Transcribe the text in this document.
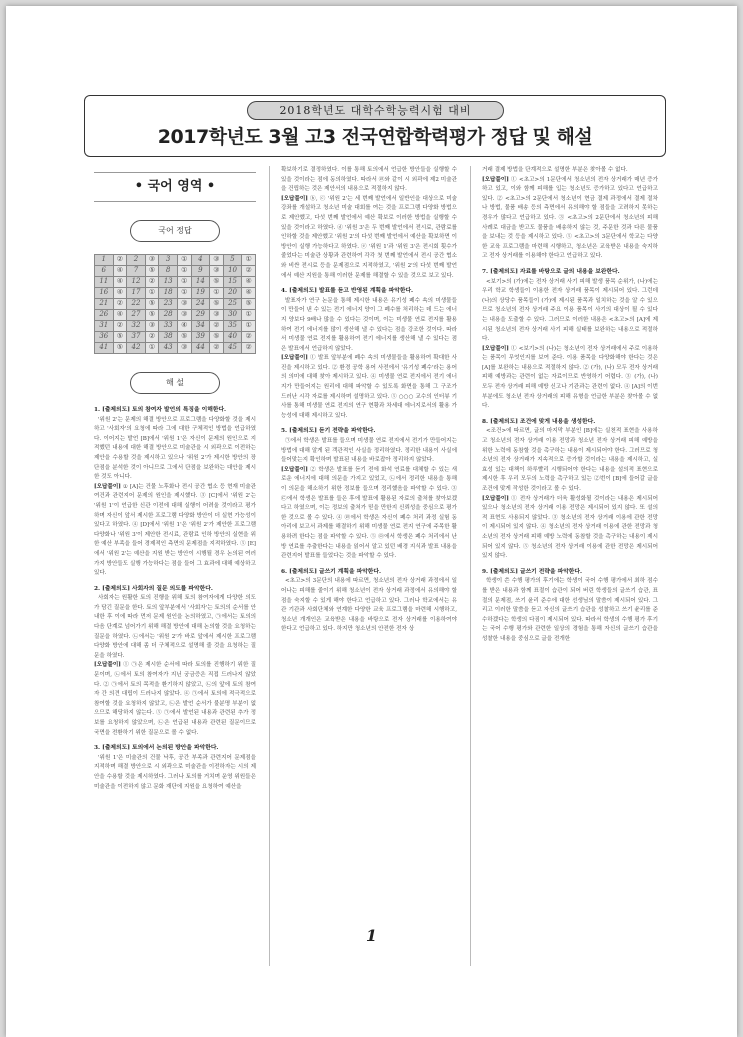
2018학년도 대학수학능력시험 대비
2017학년도 3월 고3 전국연합학력평가 정답 및 해설
• 국어 영역 •
국어 정답
1	②	2	③	3	①	4	③	5	①
6	④	7	⑤	8	①	9	③	10	②
11	④	12	②	13	①	14	⑤	15	④
16	④	17	①	18	①	19	①	20	④
21	②	22	⑤	23	③	24	⑤	25	⑤
26	④	27	⑤	28	③	29	③	30	①
31	②	32	③	33	④	34	②	35	①
36	⑤	37	②	38	⑤	39	⑤	40	②
41	⑤	42	①	43	③	44	②	45	②
해 설
1. [출제의도] 토의 참여자 발언의 특징을 이해한다.
'위원 2'는 문제의 해결 방안으로 프로그램을 다양화할 것을 제시하고 '사회자'의 요청에 따라 그에 대한 구체적인 방법을 언급하였다. 이어지는 발언 [B]에서 '위원 1'은 자신이 문제의 원인으로 지적했던 내용에 대한 해결 방안으로 미술관을 시 외곽으로 이전하는 제안을 수용할 것을 제시하고 있으나 '위원 2'가 제시한 방안의 장단점을 분석한 것이 아니므로 그에서 단점을 보완하는 대안을 제시한 것도 아니다.
[오답풀이] ① [A]는 건물 노후화나 전시 공간 협소 등 현재 미술관 여건과 관련지어 문제의 원인을 제시했다. ③ [C]에서 '위원 2'는 '위원 1'이 언급한 신관 이전에 대해 실행이 어려울 것이라고 평가하며 자신이 앞서 제시한 프로그램 다양화 방안이 더 실현 가능성이 있다고 하였다. ④ [D]에서 '위원 1'은 '위원 2'가 제안한 프로그램 다양화나 '위원 3'이 제안한 전시료, 관람료 인하 방안의 실현을 위한 예산 부족을 들어 경제적인 측면의 문제점을 지적하였다. ⑤ [E]에서 '위원 2'는 예산을 지원 받는 방안이 시행될 경우 논의된 여러 가지 방안들도 실행 가능하다는 점을 들어 그 효과에 대해 예상하고 있다.
2. [출제의도] 사회자의 질문 의도를 파악한다.
사회자는 원활한 토의 진행을 위해 토의 참여자에게 다양한 의도가 담긴 질문을 한다. 토의 앞부분에서 '사회자'는 토의의 순서를 안내한 후 이에 따라 먼저 문제 원인을 논의하였고, ㉠에서는 토의의 다음 단계로 넘어가기 위해 해결 방안에 대해 논의할 것을 요청하는 질문을 하였다. ㉡에서는 '위원 2'가 바로 앞에서 제시한 프로그램 다양화 방안에 대해 좀 더 구체적으로 설명해 줄 것을 요청하는 질문을 하였다.
[오답풀이] ① ㉠은 제시한 순서에 따라 토의를 진행하기 위한 질문이며, ㉡에서 토의 참여자가 지닌 궁금증은 직접 드러나지 않았다. ② ㉠에서 토의 목적을 환기하지 않았고, ㉡의 앞에 토의 참여자 간 의견 대립이 드러나지 않았다. ④ ㉠에서 토의에 적극적으로 참여할 것을 요청하지 않았고, ㉡은 발언 순서가 불분명 부분이 없으므로 해당하지 않는다. ⑤ ㉠에서 발언된 내용과 관련된 추가 정보를 요청하지 않았으며, ㉡은 언급된 내용과 관련된 질문이므로 국면을 전환하기 위한 질문으로 볼 수 없다.
3. [출제의도] 토의에서 논의된 방안을 파악한다.
'위원 1'은 미술관의 건물 낙후, 공간 부족과 관련지어 문제점을 지적하며 해결 방안으로 시 외곽으로 미술관을 이전하자는 시의 제안을 수용할 것을 제시하였다. 그러나 토의를 거치며 운영 위원들은 미술관을 이전하지 않고 문화 재단에 지원을 요청하여 예산을
확보하기로 결정하였다. 이를 통해 토의에서 언급한 방안들을 실행할 수 있을 것이라는 점에 동의하였다. 따라서 ㉣와 같이 시 외곽에 제2 미술관을 건립하는 것은 제안서의 내용으로 적절하지 않다.
[오답풀이] ⓑ, ⓒ '위원 2'는 세 번째 발언에서 일반인을 대상으로 미술 강좌를 개설하고 청소년 미술 대회를 여는 것을 프로그램 다양화 방법으로 제안했고, 다섯 번째 발언에서 예산 확보로 이러한 방법을 실행할 수 있을 것이라고 하였다. ⓓ '위원 3'은 두 번째 발언에서 전시료, 관람료를 인하할 것을 제안했고 '위원 2'의 다섯 번째 발언에서 예산을 확보하면 이 방안이 실행 가능하다고 하였다. ⓔ '위원 1'과 '위원 3'은 전시회 횟수가 줄었다는 미술관 상황과 관련하여 각각 첫 번째 발언에서 전시 공간 협소와 비싼 전시료 등을 문제점으로 지적하였고, '위원 2'의 다섯 번째 발언에서 예산 지원을 통해 이러한 문제를 해결할 수 있을 것으로 보고 있다.
4. [출제의도] 발표를 듣고 반영된 계획을 파악한다.
발표자가 연구 논문을 통해 제시한 내용은 유기성 폐수 속의 미생물들이 만들어 낸 수 있는 전기 에너지 양이 그 폐수를 처리하는 데 드는 에너지 양보다 9배나 많을 수 있다는 것이며, 이는 미생물 연료 전지를 활용하여 전기 에너지를 많이 생산해 낼 수 있다는 점을 강조한 것이다. 따라서 미생물 연료 전지를 활용하여 전기 에너지를 생산해 낼 수 있다는 점은 발표에서 언급하지 않았다.
[오답풀이] ① 발표 앞부분에 폐수 속의 미생물들을 활용하여 확대한 사진을 제시하고 있다. ② 환경 공학 용어 사전에서 '유기성 폐수'라는 용어의 의미에 대해 찾아 제시하고 있다. ④ 미생물 연료 전지에서 전기 에너지가 만들어지는 원리에 대해 파악할 수 있도록 화면을 통해 그 구조가 드러난 시각 자료를 제시하며 설명하고 있다. ⑤ ○○○ 교수의 인터뷰 기사를 통해 미생물 연료 전지의 연구 현황과 차세대 에너지로서의 활용 가능성에 대해 제시하고 있다.
5. [출제의도] 듣기 전략을 파악한다.
㉠에서 학생은 발표를 들으며 미생물 연료 전지에서 전기가 만들어지는 방법에 대해 알게 된 객관적인 사실을 정리하였다. 정리한 내용이 사실에 들어맞는지 확인하며 발표된 내용을 바로잡아 정리하지 않았다.
[오답풀이] ② 학생은 발표를 듣기 전에 화석 연료를 대체할 수 있는 새로운 에너지에 대해 의문을 가지고 있었고, ㉡에서 정리한 내용을 통해 이 의문을 해소하기 위한 정보를 들으며 정리했음을 파악할 수 있다. ③ ㉢에서 학생은 발표를 들은 후에 발표에 활용된 자료의 출처를 찾아보겠다고 하였으며, 이는 정보의 출처가 믿을 만한지 신뢰성을 중심으로 평가한 것으로 볼 수 있다. ④ ㉣에서 학생은 자신이 폐수 처리 과정 실험 동아리에 보고서 과제를 해결하기 위해 미생물 연료 전지 연구에 주목한 활용하려 한다는 점을 파악할 수 있다. ⑤ ㉤에서 학생은 폐수 처리에서 난방 연료를 추출한다는 내용을 읽어서 알고 있던 배경 지식과 발표 내용을 관련지어 발표를 들었다는 것을 파악할 수 있다.
6. [출제의도] 글쓰기 계획을 파악한다.
<초고>의 3문단의 내용에 따르면, 청소년의 전자 상거래 과정에서 일어나는 피해를 줄이기 위해 청소년이 전자 상거래 과정에서 유의해야 할 점을 숙지할 수 있게 해야 한다고 언급하고 있다. 그러나 학교에서는 유관 기관과 사회단체와 연계한 다양한 교육 프로그램을 마련해 시행하고, 청소년 개개인은 교육받은 내용을 바탕으로 전자 상거래를 이용하여야 한다고 언급하고 있다. 하지만 청소년의 안전한 전자 상
거래 결제 방법을 단계적으로 설명한 부분은 찾아볼 수 없다.
[오답풀이] ① <초고>의 1문단에서 청소년의 전자 상거래가 매년 증가하고 있고, 이와 함께 피해를 입는 청소년도 증가하고 있다고 언급하고 있다. ② <초고>의 2문단에서 청소년이 현금 결제 과정에서 결제 절차나 방법, 물품 배송 등의 측면에서 유의해야 할 점들을 고려하지 못하는 경우가 많다고 언급하고 있다. ③ <초고>의 2문단에서 청소년의 피해 사례로 대금을 받고도 물품을 배송하지 않는 것, 주문한 것과 다른 물품을 보내는 것 등을 제시하고 있다. ⑤ <초고>의 3문단에서 학교는 다양한 교육 프로그램을 마련해 시행하고, 청소년은 교육받은 내용을 숙지하고 전자 상거래를 이용해야 한다고 언급하고 있다.
7. [출제의도] 자료를 바탕으로 글의 내용을 보완한다.
<보기>의 (가)에는 전자 상거래 사기 피해 발생 품목 순위가, (나)에는 우리 학교 학생들이 이용한 전자 상거래 품목이 제시되어 있다. 그런데 (나)의 상당수 품목들이 (가)에 제시된 품목과 일치하는 것을 알 수 있으므로 청소년의 전자 상거래 주요 이용 품목이 사기의 대상이 될 수 있다는 내용을 도출할 수 있다. 그러므로 이러한 내용은 <초고>의 [A]에 제시된 청소년의 전자 상거래 사기 피해 실태를 보완하는 내용으로 적절하다.
[오답풀이] ① <보기>의 (나)는 청소년이 전자 상거래에서 주로 이용하는 품목이 무엇인지를 보여 준다. 이용 품목을 다양화해야 한다는 것은 [A]를 보완하는 내용으로 적절하지 않다. ② (가), (나) 모두 전자 상거래 피해 예방과는 관련이 없는 자료이므로 반영하기 어렵다. ③ (가), (나) 모두 전자 상거래 피해 예방 신고나 기관과는 관련이 없다. ④ [A]의 이번 부분에도 청소년 전자 상거래의 피해 유형을 언급한 부분은 찾아볼 수 없다.
8. [출제의도] 조건에 맞게 내용을 생성한다.
<조건>에 따르면, 글의 마지막 부분인 [B]에는 실천적 표현을 사용하고 청소년의 전자 상거래 이용 전망과 청소년 전자 상거래 피해 예방을 위한 노력에 동참할 것을 촉구하는 내용이 제시되어야 한다. 그러므로 청소년의 전자 상거래가 지속적으로 증가할 것이라는 내용을 제시하고, 실효성 있는 대책이 하루빨리 시행되어야 한다는 내용을 설의적 표현으로 제시한 후 우리 모두의 노력을 촉구하고 있는 ②번이 [B]에 들어갈 글을 조건에 맞게 작성한 것이라고 볼 수 있다.
[오답풀이] ① 전자 상거래가 더욱 활성화될 것이라는 내용은 제시되어 있으나 청소년의 전자 상거래 이용 전망은 제시되어 있지 않다. 또 설의적 표현도 사용되지 않았다. ③ 청소년의 전자 상거래 이용에 관한 전망이 제시되어 있지 않다. ④ 청소년의 전자 상거래 이용에 관한 전망과 청소년의 전자 상거래 피해 예방 노력에 동참할 것을 촉구하는 내용이 제시되어 있지 않다. ⑤ 청소년의 전자 상거래 이용에 관한 전망은 제시되어 있지 않다.
9. [출제의도] 글쓰기 전략을 파악한다.
학생이 쓴 수행 평가의 후기에는 학생이 국어 수행 평가에서 최하 점수를 받은 내용과 함께 표절이 습관이 되어 버린 학생들의 글쓰기 습관, 표절의 문제점, 쓰기 윤리 준수에 대한 선생님의 말씀이 제시되어 있다. 그리고 이러한 말씀을 듣고 자신의 글쓰기 습관을 성찰하고 쓰기 윤리를 준수하겠다는 학생의 다짐이 제시되어 있다. 따라서 학생의 수행 평가 후기는 국어 수행 평가와 관련한 일상의 경험을 통해 자신의 글쓰기 습관을 성찰한 내용을 중심으로 글을 전개한
1
